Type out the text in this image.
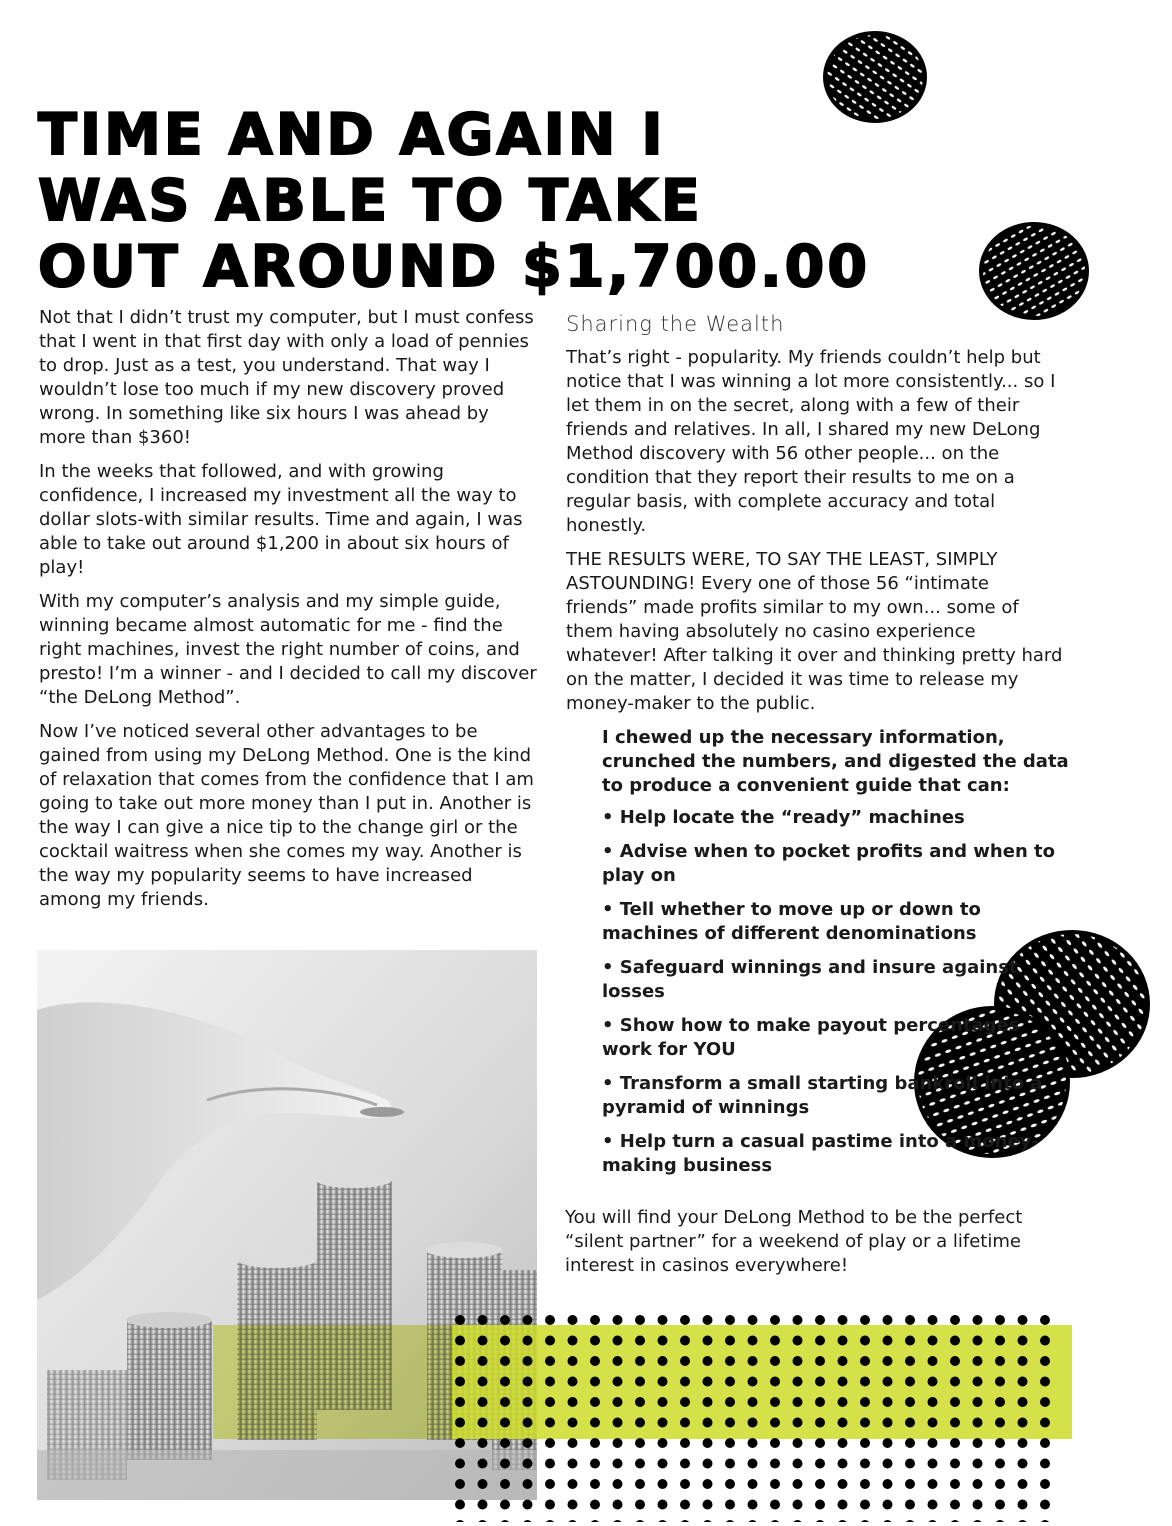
TIME AND AGAIN I
WAS ABLE TO TAKE
OUT AROUND $1,700.00

Not that I didn’t trust my computer, but I must confess that I went in that first day with only a load of pennies to drop. Just as a test, you understand. That way I wouldn’t lose too much if my new discovery proved wrong. In something like six hours I was ahead by more than $360!

In the weeks that followed, and with growing confidence, I increased my investment all the way to dollar slots-with similar results. Time and again, I was able to take out around $1,200 in about six hours of play!

With my computer’s analysis and my simple guide, winning became almost automatic for me - find the right machines, invest the right number of coins, and presto! I’m a winner - and I decided to call my discover “the DeLong Method”.

Now I’ve noticed several other advantages to be gained from using my DeLong Method. One is the kind of relaxation that comes from the confidence that I am going to take out more money than I put in. Another is the way I can give a nice tip to the change girl or the cocktail waitress when she comes my way. Another is the way my popularity seems to have increased among my friends.

Sharing the Wealth

That’s right - popularity. My friends couldn’t help but notice that I was winning a lot more consistently... so I let them in on the secret, along with a few of their friends and relatives. In all, I shared my new DeLong Method discovery with 56 other people... on the condition that they report their results to me on a regular basis, with complete accuracy and total honestly.

THE RESULTS WERE, TO SAY THE LEAST, SIMPLY ASTOUNDING! Every one of those 56 “intimate friends” made profits similar to my own... some of them having absolutely no casino experience whatever! After talking it over and thinking pretty hard on the matter, I decided it was time to release my money-maker to the public.

I chewed up the necessary information, crunched the numbers, and digested the data to produce a convenient guide that can:

• Help locate the “ready” machines
• Advise when to pocket profits and when to play on
• Tell whether to move up or down to machines of different denominations
• Safeguard winnings and insure against losses
• Show how to make payout percentages work for YOU
• Transform a small starting bankroll into a pyramid of winnings
• Help turn a casual pastime into a money-making business

You will find your DeLong Method to be the perfect “silent partner” for a weekend of play or a lifetime interest in casinos everywhere!
